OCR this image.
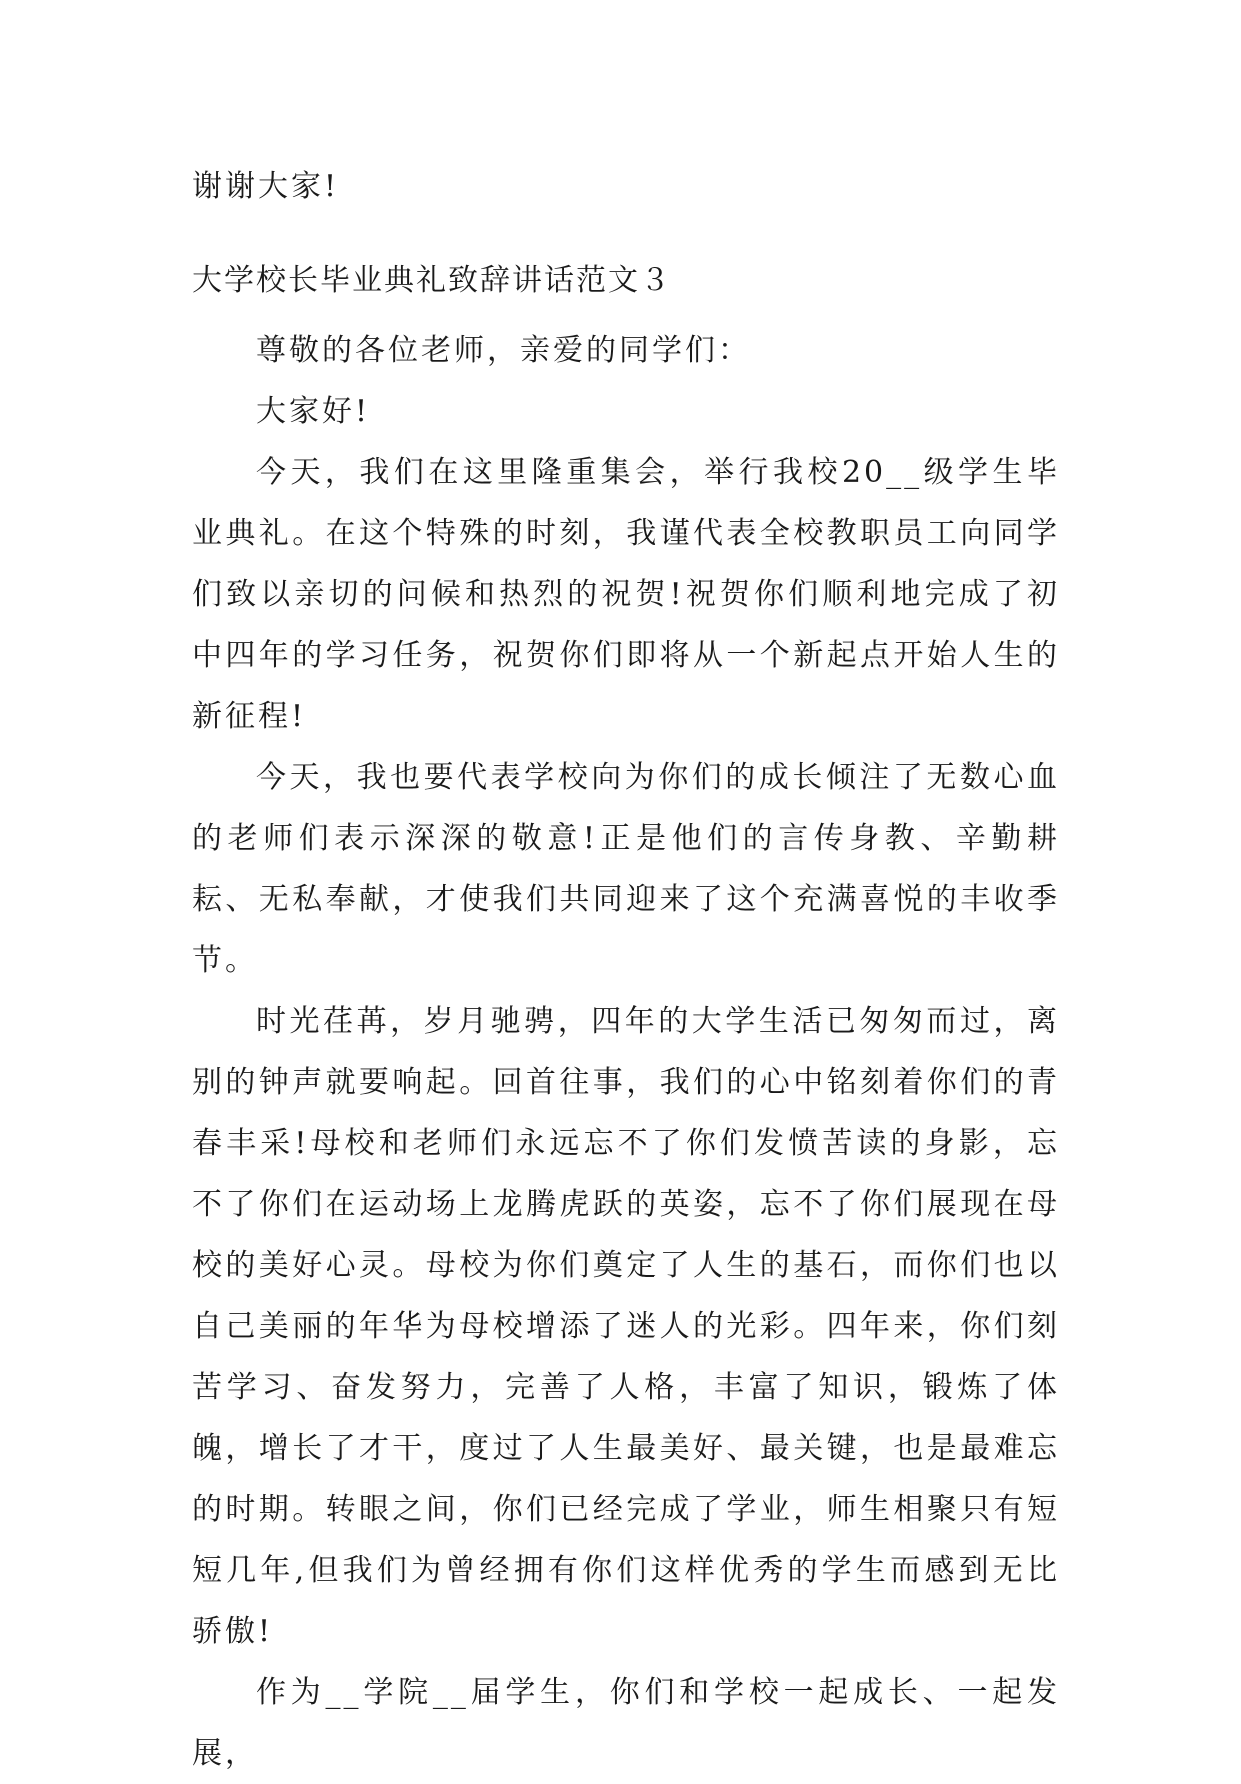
谢谢大家!
大学校长毕业典礼致辞讲话范文３

尊敬的各位老师，亲爱的同学们：

大家好!

今天，我们在这里隆重集会，举行我校20__级学生毕业典礼。在这个特殊的时刻，我谨代表全校教职员工向同学们致以亲切的问候和热烈的祝贺!祝贺你们顺利地完成了初中四年的学习任务，祝贺你们即将从一个新起点开始人生的新征程!

今天，我也要代表学校向为你们的成长倾注了无数心血的老师们表示深深的敬意!正是他们的言传身教、辛勤耕耘、无私奉献，才使我们共同迎来了这个充满喜悦的丰收季节。

时光荏苒，岁月驰骋，四年的大学生活已匆匆而过，离别的钟声就要响起。回首往事，我们的心中铭刻着你们的青春丰采!母校和老师们永远忘不了你们发愤苦读的身影，忘不了你们在运动场上龙腾虎跃的英姿，忘不了你们展现在母校的美好心灵。母校为你们奠定了人生的基石，而你们也以自己美丽的年华为母校增添了迷人的光彩。四年来，你们刻苦学习、奋发努力，完善了人格，丰富了知识，锻炼了体魄，增长了才干，度过了人生最美好、最关键，也是最难忘的时期。转眼之间，你们已经完成了学业，师生相聚只有短短几年,但我们为曾经拥有你们这样优秀的学生而感到无比骄傲!

作为__学院__届学生，你们和学校一起成长、一起发展，
